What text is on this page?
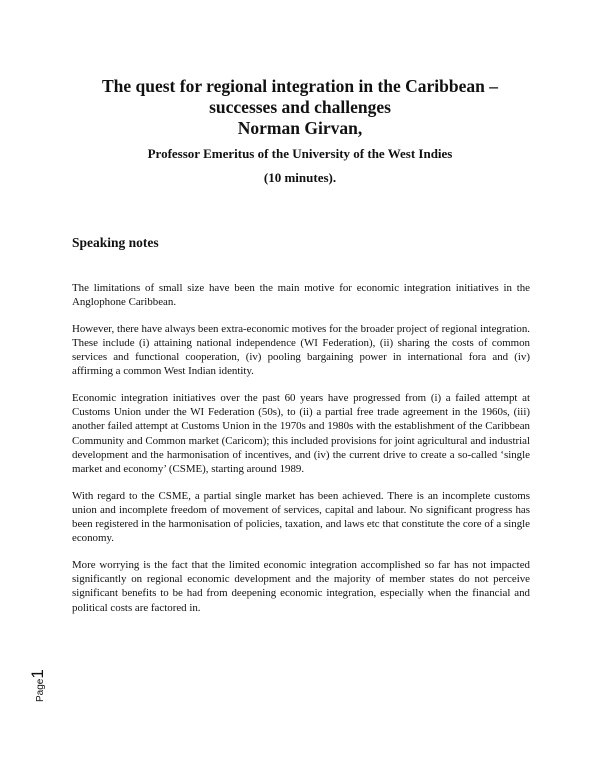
The quest for regional integration in the Caribbean –

successes and challenges

Norman Girvan,

Professor Emeritus of the University of the West Indies

(10 minutes).

Speaking notes

The limitations of small size have been the main motive for economic integration initiatives in the Anglophone Caribbean.

However, there have always been extra-economic motives for the broader project of regional integration. These include (i) attaining national independence (WI Federation), (ii) sharing the costs of common services and functional cooperation, (iv) pooling bargaining power in international fora and (iv) affirming a common West Indian identity.

Economic integration initiatives over the past 60 years have progressed from (i) a failed attempt at Customs Union under the WI Federation (50s), to (ii) a partial free trade agreement in the 1960s, (iii) another failed attempt at Customs Union in the 1970s and 1980s with the establishment of the Caribbean Community and Common market (Caricom); this included provisions for joint agricultural and industrial development and the harmonisation of incentives, and (iv) the current drive to create a so-called ‘single market and economy’ (CSME), starting around 1989.

With regard to the CSME, a partial single market has been achieved. There is an incomplete customs union and incomplete freedom of movement of services, capital and labour. No significant progress has been registered in the harmonisation of policies, taxation, and laws etc that constitute the core of a single economy.

More worrying is the fact that the limited economic integration accomplished so far has not impacted significantly on regional economic development and the majority of member states do not perceive significant benefits to be had from deepening economic integration, especially when the financial and political costs are factored in.

Page1
